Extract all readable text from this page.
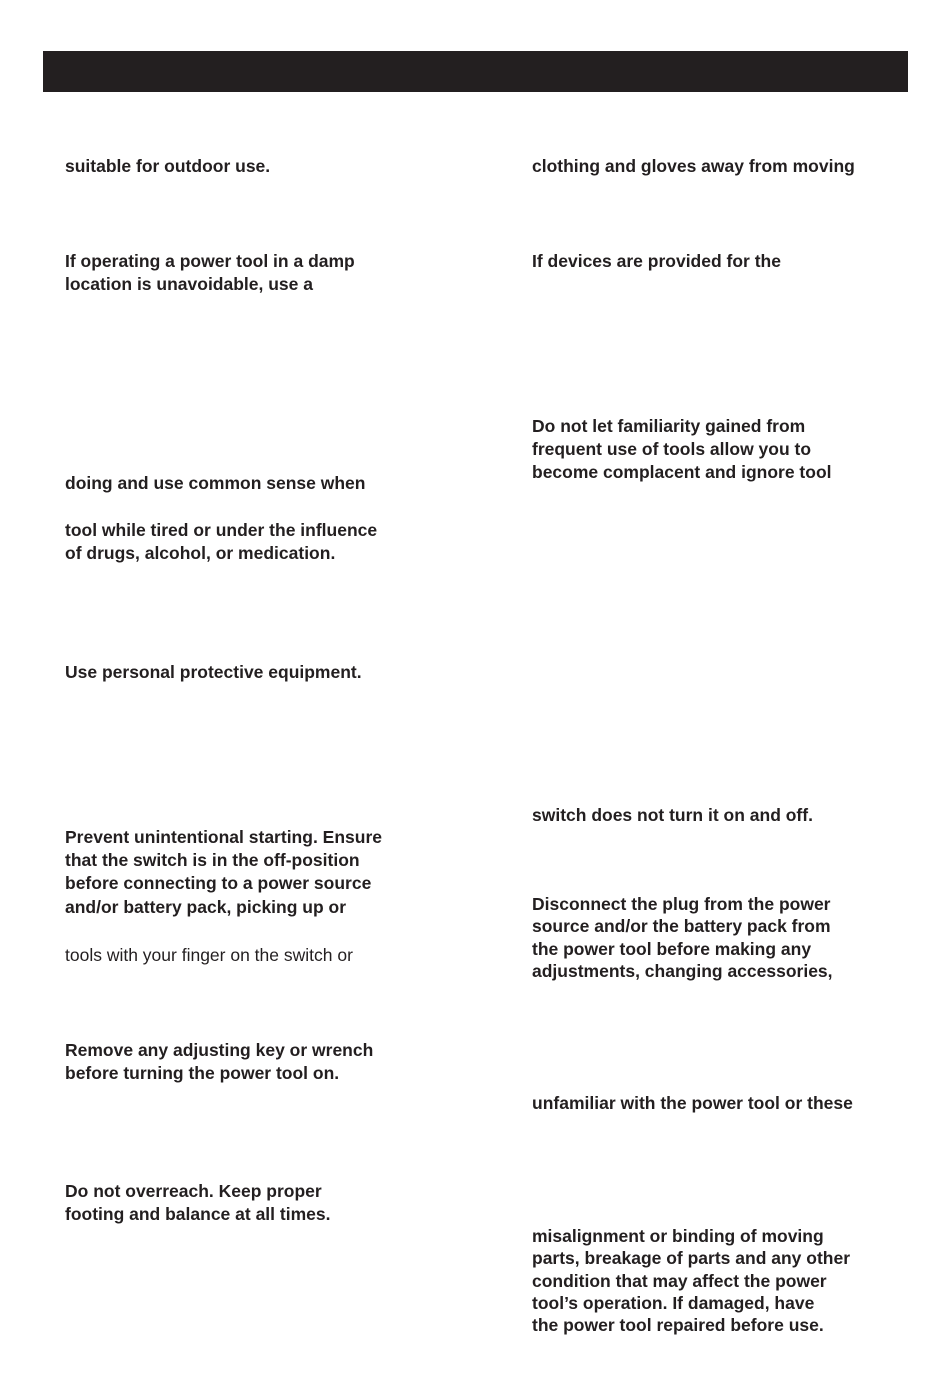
suitable for outdoor use.

If operating a power tool in a damp
location is unavoidable, use a

doing and use common sense when

tool while tired or under the influence
of drugs, alcohol, or medication.

Use personal protective equipment.

Prevent unintentional starting. Ensure
that the switch is in the off-position
before connecting to a power source
and/or battery pack, picking up or

tools with your finger on the switch or

Remove any adjusting key or wrench
before turning the power tool on.

Do not overreach. Keep proper
footing and balance at all times.

clothing and gloves away from moving

If devices are provided for the

Do not let familiarity gained from
frequent use of tools allow you to
become complacent and ignore tool

switch does not turn it on and off.

Disconnect the plug from the power
source and/or the battery pack from
the power tool before making any
adjustments, changing accessories,

unfamiliar with the power tool or these

misalignment or binding of moving
parts, breakage of parts and any other
condition that may affect the power
tool’s operation. If damaged, have
the power tool repaired before use.
